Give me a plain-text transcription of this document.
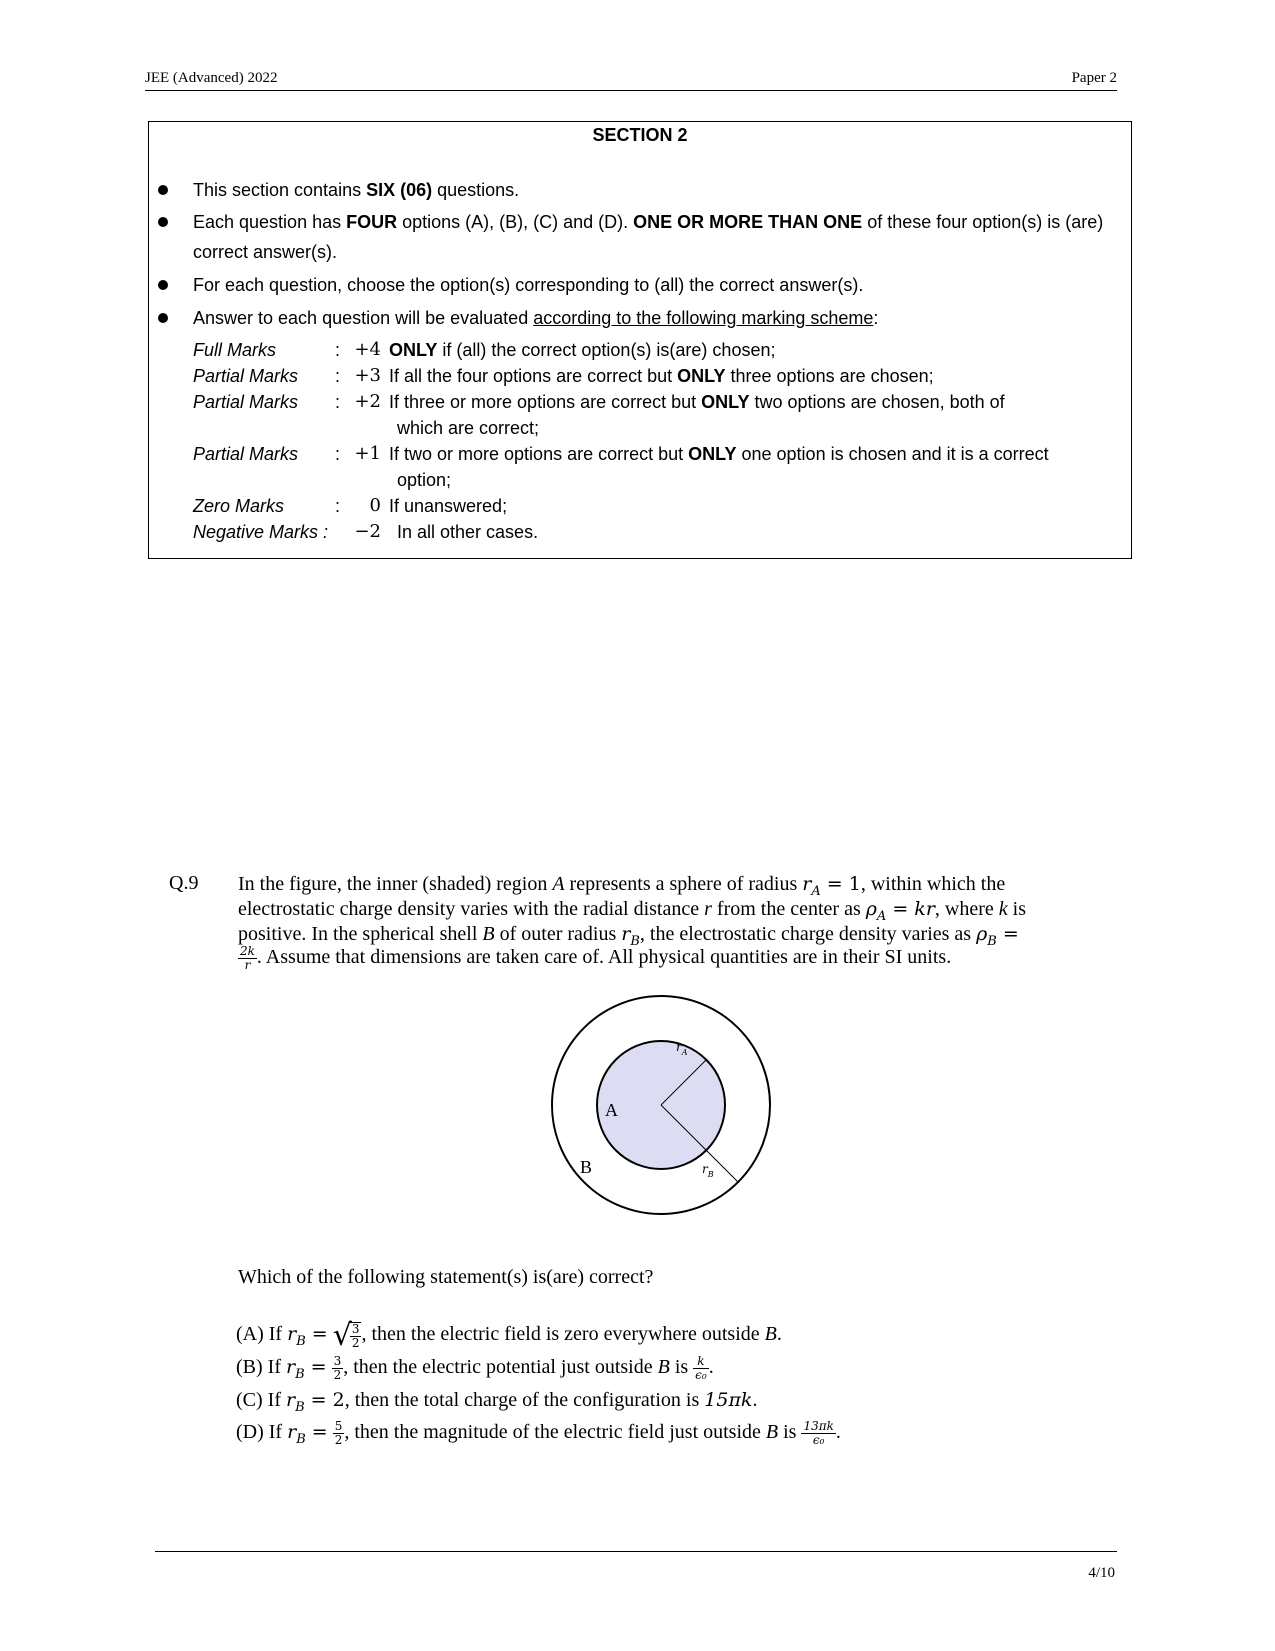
JEE (Advanced) 2022	Paper 2
SECTION 2
This section contains SIX (06) questions.
Each question has FOUR options (A), (B), (C) and (D). ONE OR MORE THAN ONE of these four option(s) is (are) correct answer(s).
For each question, choose the option(s) corresponding to (all) the correct answer(s).
Answer to each question will be evaluated according to the following marking scheme:
Full Marks	: +4 ONLY if (all) the correct option(s) is(are) chosen;
Partial Marks : +3 If all the four options are correct but ONLY three options are chosen;
Partial Marks : +2 If three or more options are correct but ONLY two options are chosen, both of
which are correct;
Partial Marks : +1 If two or more options are correct but ONLY one option is chosen and it is a correct
option;
Zero Marks	:	0 If unanswered;
Negative Marks : −2 In all other cases.
Q.9 In the figure, the inner (shaded) region A represents a sphere of radius $r_A = 1$, within which the
electrostatic charge density varies with the radial distance r from the center as $\rho_A$ = kr, where k is
positive. In the spherical shell B of outer radius $r_B$, the electrostatic charge density varies as $\rho_B$ =
$\frac{2k}{r}$ . Assume that dimensions are taken care of. All physical quantities are in their SI units.
$r_A$
A
B	$r_B$
Which of the following statement(s) is(are) correct?
(A) If $r_B$ = √
$\frac{3}{2}$ , then the electric field is zero everywhere outside B.
(B) If $r_B = \frac{3}{2}$ , then the electric potential just outside B is $\frac{k}{\text{ϵ₀}}$ .
(C) If $r_B = 2$, then the total charge of the configuration is 15πk.
(D) If $r_B = \frac{5}{2}$ , then the magnitude of the electric field just outside B is $\frac{13\pi k}{\text{ϵ₀}}$ .
4/10
